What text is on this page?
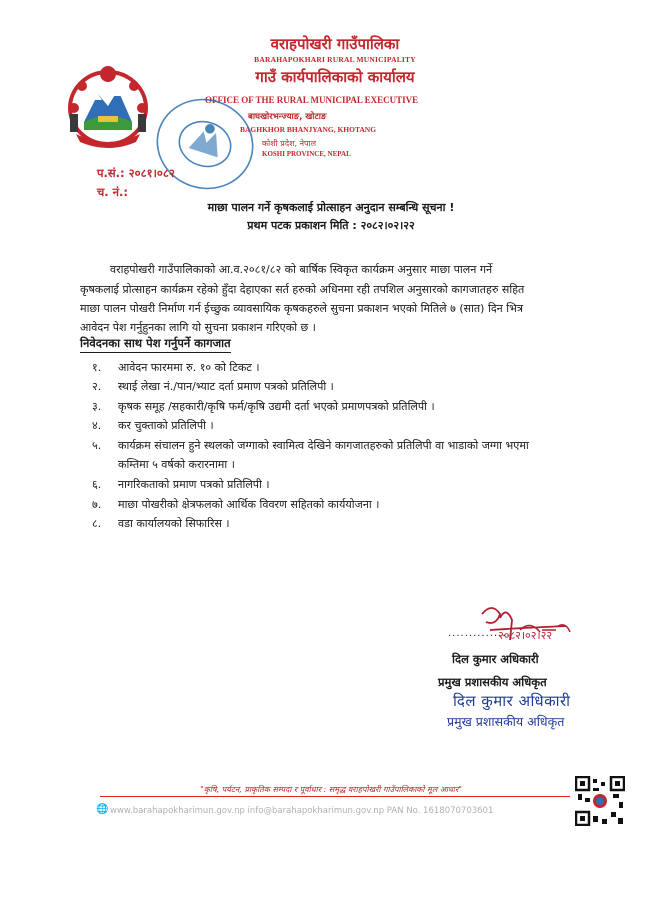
वराहपोखरी गाउँपालिका
BARAHAPOKHARI RURAL MUNICIPALITY
गाउँ कार्यपालिकाको कार्यालय
OFFICE OF THE RURAL MUNICIPAL EXECUTIVE
बाघखोरभन्ज्याङ, खोटाङ
BAGHKHOR BHANJYANG, KHOTANG
कोशी प्रदेश, नेपाल
KOSHI PROVINCE, NEPAL
प.सं.: २०८१।०८२
च. नं.:
माछा पालन गर्ने कृषकलाई प्रोत्साहन अनुदान सम्बन्धि सूचना !
प्रथम पटक प्रकाशन मिति : २०८२।०२।२२
वराहपोखरी गाउँपालिकाको आ.व.२०८१/८२ को बार्षिक स्विकृत कार्यक्रम अनुसार माछा पालन गर्ने
कृषकलाई प्रोत्साहन कार्यक्रम रहेको हुँदा देहाएका सर्त हरुको अधिनमा रही तपशिल अनुसारको कागजातहरु सहित
माछा पालन पोखरी निर्माण गर्न ईच्छुक व्यावसायिक कृषकहरुले सुचना प्रकाशन भएको मितिले ७ (सात) दिन भित्र
आवेदन पेश गर्नुहुनका लागि यो सुचना प्रकाशन गरिएको छ ।
निवेदनका साथ पेश गर्नुपर्ने कागजात
१. आवेदन फारममा रु. १० को टिकट ।
२. स्थाई लेखा नं./पान/भ्याट दर्ता प्रमाण पत्रको प्रतिलिपी ।
३. कृषक समूह /सहकारी/कृषि फर्म/कृषि उद्यमी दर्ता भएको प्रमाणपत्रको प्रतिलिपी ।
४. कर चुक्ताको प्रतिलिपी ।
५. कार्यक्रम संचालन हुने स्थलको जग्गाको स्वामित्व देखिने कागजातहरुको प्रतिलिपी वा भाडाको जग्गा भएमा
कम्तिमा ५ वर्षको करारनामा ।
६. नागरिकताको प्रमाण पत्रको प्रतिलिपी ।
७. माछा पोखरीको क्षेत्रफलको आर्थिक विवरण सहितको कार्ययोजना ।
८. वडा कार्यालयको सिफारिस ।
...............
२०८२।०२।२२
दिल कुमार अधिकारी
प्रमुख प्रशासकीय अधिकृत
दिल कुमार अधिकारी
प्रमुख प्रशासकीय अधिकृत
"कृषि, पर्यटन, प्राकृतिक सम्पदा र पूर्वाधार : समृद्ध वराहपोखरी गाउँपालिकाको मूल आधार"
🌐 www.barahapokharimun.gov.np info@barahapokharimun.gov.np PAN No. 1618070703601
